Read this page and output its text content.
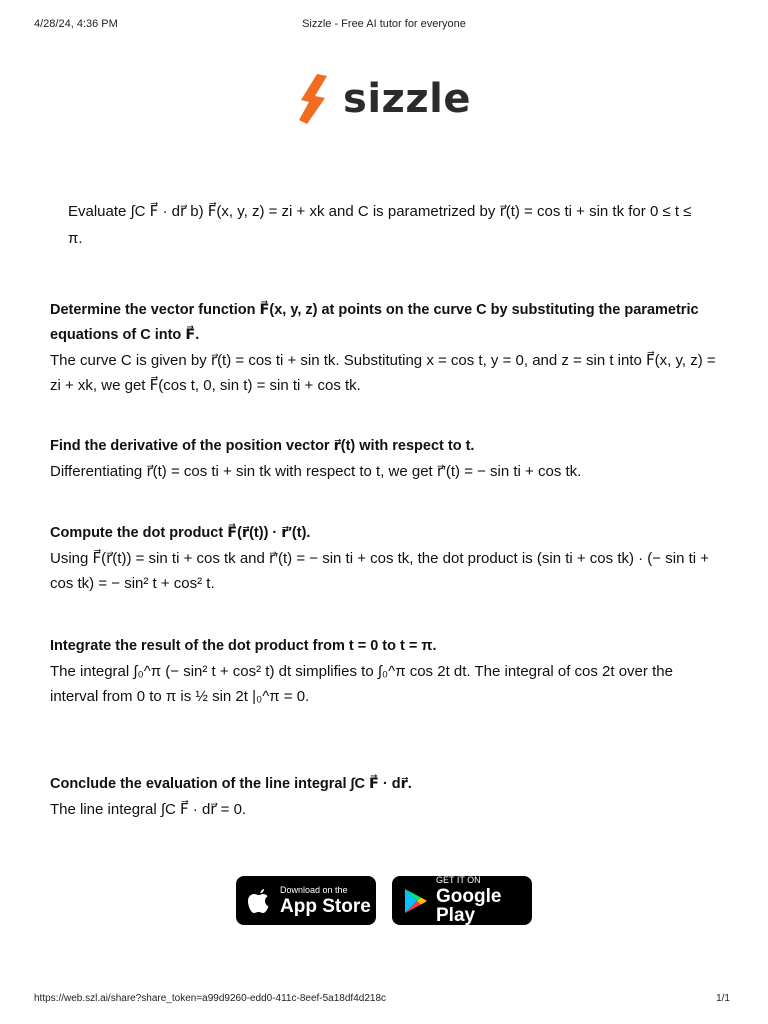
4/28/24, 4:36 PM	Sizzle - Free AI tutor for everyone
sizzle
Evaluate ∫C F⃗ · dr⃗ b) F⃗(x, y, z) = zi + xk and C is parametrized by r⃗(t) = cos ti + sin tk for 0 ≤ t ≤ π.
Determine the vector function F⃗(x, y, z) at points on the curve C by substituting the parametric equations of C into F⃗.

The curve C is given by r⃗(t) = cos ti + sin tk. Substituting x = cos t, y = 0, and z = sin t into F⃗(x, y, z) = zi + xk, we get F⃗(cos t, 0, sin t) = sin ti + cos tk.

Find the derivative of the position vector r⃗(t) with respect to t.

Differentiating r⃗(t) = cos ti + sin tk with respect to t, we get r⃗′(t) = − sin ti + cos tk.

Compute the dot product F⃗(r⃗(t)) · r⃗′(t).

Using F⃗(r⃗(t)) = sin ti + cos tk and r⃗′(t) = − sin ti + cos tk, the dot product is (sin ti + cos tk) · (− sin ti + cos tk) = − sin² t + cos² t.

Integrate the result of the dot product from t = 0 to t = π.

The integral ∫₀^π (− sin² t + cos² t) dt simplifies to ∫₀^π cos 2t dt. The integral of cos 2t over the interval from 0 to π is ½ sin 2t |₀^π = 0.

Conclude the evaluation of the line integral ∫C F⃗ · dr⃗.

The line integral ∫C F⃗ · dr⃗ = 0.

Download on the
App Store
GET IT ON
Google Play
https://web.szl.ai/share?share_token=a99d9260-edd0-411c-8eef-5a18df4d218c	1/1
